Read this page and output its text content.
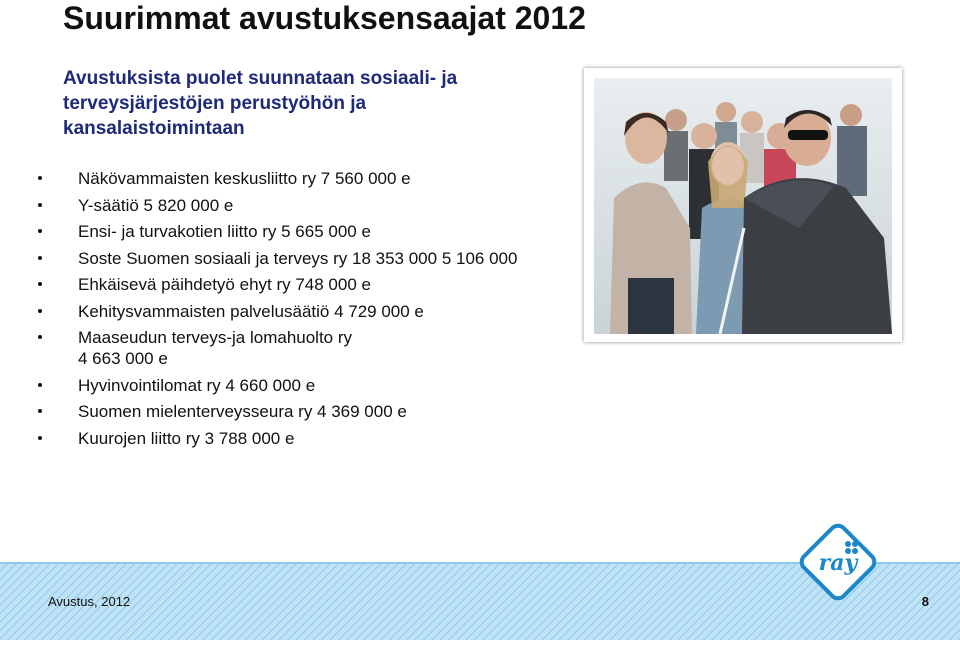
Suurimmat avustuksensaajat 2012
Avustuksista puolet suunnataan sosiaali- ja terveysjärjestöjen perustyöhön ja kansalaistoimintaan
Näkövammaisten keskusliitto ry 7 560 000 e
Y-säätiö 5 820 000 e
Ensi- ja turvakotien liitto ry 5 665 000 e
Soste Suomen sosiaali ja terveys ry 18 353 000 5 106 000
Ehkäisevä päihdetyö ehyt ry 748 000 e
Kehitysvammaisten palvelusäätiö 4 729 000 e
Maaseudun terveys-ja lomahuolto ry
4 663 000 e
Hyvinvointilomat ry 4 660 000 e
Suomen mielenterveysseura ry 4 369 000 e
Kuurojen liitto ry 3 788 000 e
Avustus, 2012	8
ray
